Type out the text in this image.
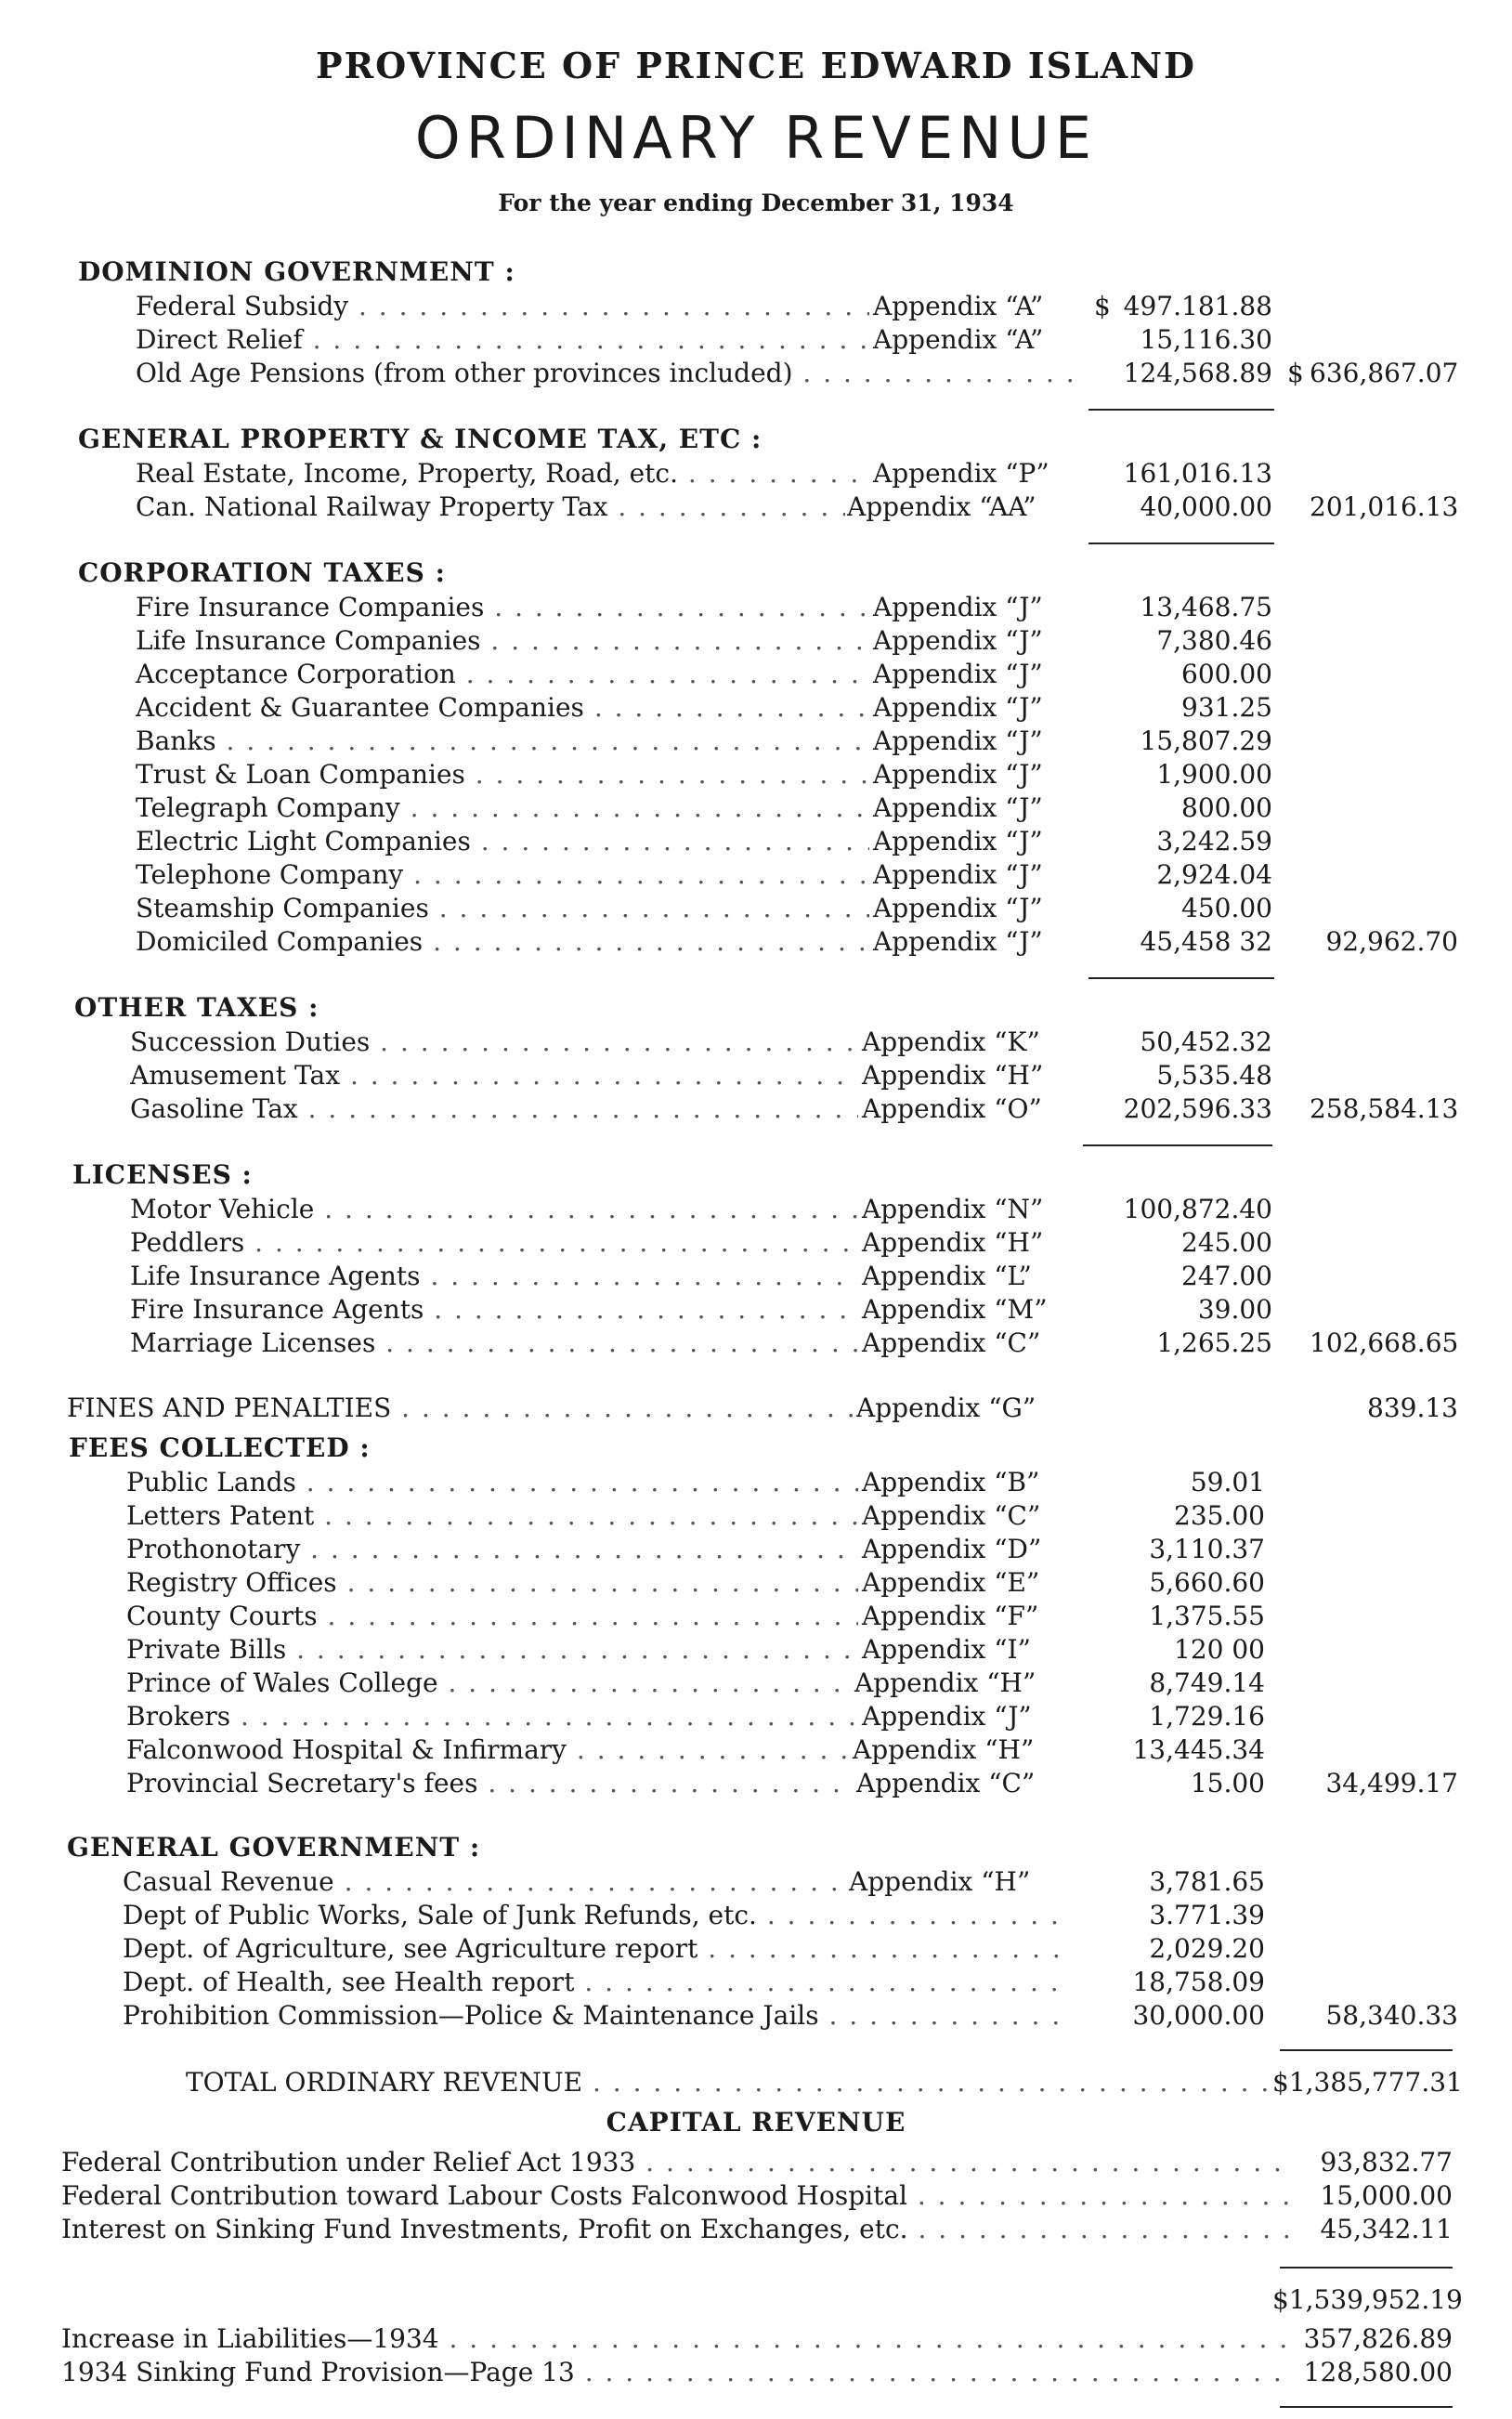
PROVINCE OF PRINCE EDWARD ISLAND
ORDINARY REVENUE
For the year ending December 31, 1934
DOMINION GOVERNMENT :
Federal Subsidy . . .	Appendix “A” $ 497.181.88
Direct Relief . . .	Appendix “A”	15,116.30
Old Age Pensions (from other provinces included) . . .	124,568.89 $ 636,867.07
GENERAL PROPERTY & INCOME TAX, ETC :
Real Estate, Income, Property, Road, etc. . . .	Appendix “P”	161,016.13
Can. National Railway Property Tax . . .	Appendix “AA”	40,000.00 201,016.13
CORPORATION TAXES :
Fire Insurance Companies . . .	Appendix “J”	13,468.75
Life Insurance Companies . . .	Appendix “J”	7,380.46
Acceptance Corporation . . .	Appendix “J”	600.00
Accident & Guarantee Companies . . .	Appendix “J”	931.25
Banks . . .	Appendix “J”	15,807.29
Trust & Loan Companies . . .	Appendix “J”	1,900.00
Telegraph Company . . .	Appendix “J”	800.00
Electric Light Companies . . .	Appendix “J”	3,242.59
Telephone Company . . .	Appendix “J”	2,924.04
Steamship Companies . . .	Appendix “J”	450.00
Domiciled Companies . . .	Appendix “J”	45,458 32	92,962.70
OTHER TAXES :
Succession Duties . . .	Appendix “K”	50,452.32
Amusement Tax . . .	Appendix “H”	5,535.48
Gasoline Tax . . .	Appendix “O”	202,596.33 258,584.13
LICENSES :
Motor Vehicle . . .	Appendix “N”	100,872.40
Peddlers . . .	Appendix “H”	245.00
Life Insurance Agents . . .	Appendix “L”	247.00
Fire Insurance Agents . . .	Appendix “M”	39.00
Marriage Licenses . . .	Appendix “C”	1,265.25 102,668.65
FINES AND PENALTIES . . .	Appendix “G”	839.13
FEES COLLECTED :
Public Lands . . .	Appendix “B”	59.01
Letters Patent . . .	Appendix “C”	235.00
Prothonotary . . .	Appendix “D”	3,110.37
Registry Offices . . .	Appendix “E”	5,660.60
County Courts . . .	Appendix “F”	1,375.55
Private Bills . . .	Appendix “I”	120 00
Prince of Wales College . . .	Appendix “H”	8,749.14
Brokers . . .	Appendix “J”	1,729.16
Falconwood Hospital & Infirmary . . .	Appendix “H”	13,445.34
Provincial Secretary's fees . . .	Appendix “C”	15.00	34,499.17
GENERAL GOVERNMENT :
Casual Revenue . . .	Appendix “H”	3,781.65
Dept of Public Works, Sale of Junk Refunds, etc. . . .	3.771.39
Dept. of Agriculture, see Agriculture report . . .	2,029.20
Dept. of Health, see Health report . . .	18,758.09
Prohibition Commission—Police & Maintenance Jails . . .	30,000.00	58,340.33
TOTAL ORDINARY REVENUE . . .	$1,385,777.31
CAPITAL REVENUE
Federal Contribution under Relief Act 1933 . . .	93,832.77
Federal Contribution toward Labour Costs Falconwood Hospital . . .	15,000.00
Interest on Sinking Fund Investments, Profit on Exchanges, etc. . . .	45,342.11
$1,539,952.19
Increase in Liabilities—1934 . . .	357,826.89
1934 Sinking Fund Provision—Page 13 . . .	128,580.00
